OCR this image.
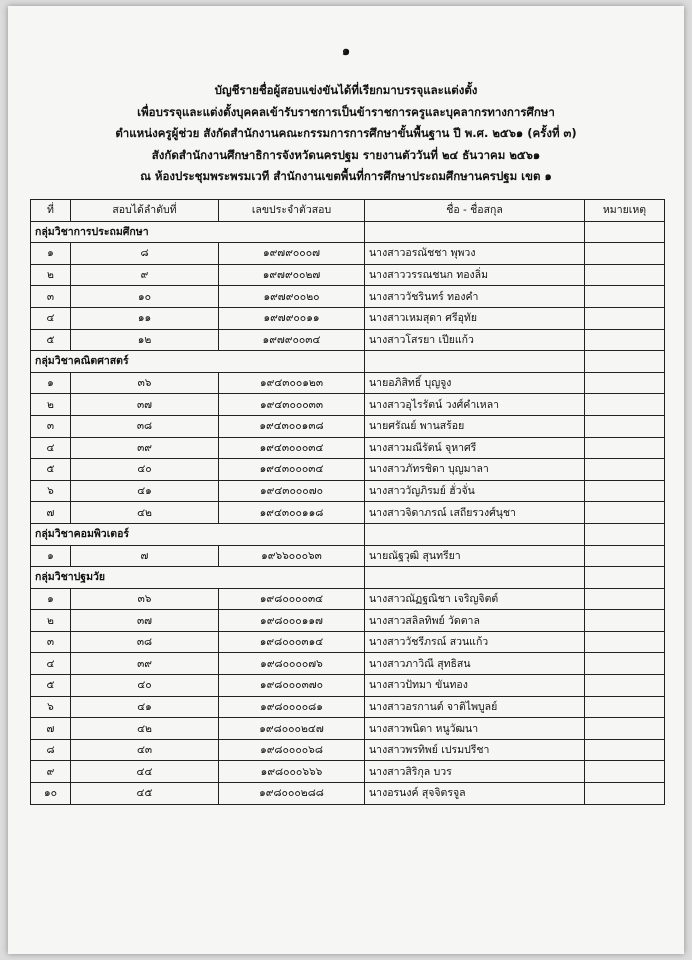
๑
บัญชีรายชื่อผู้สอบแข่งขันได้ที่เรียกมาบรรจุและแต่งตั้ง
เพื่อบรรจุและแต่งตั้งบุคคลเข้ารับราชการเป็นข้าราชการครูและบุคลากรทางการศึกษา
ตำแหน่งครูผู้ช่วย สังกัดสำนักงานคณะกรรมการการศึกษาขั้นพื้นฐาน ปี พ.ศ. ๒๕๖๑ (ครั้งที่ ๓)
สังกัดสำนักงานศึกษาธิการจังหวัดนครปฐม รายงานตัววันที่ ๒๔ ธันวาคม ๒๕๖๑
ณ ห้องประชุมพระพรมเวที สำนักงานเขตพื้นที่การศึกษาประถมศึกษานครปฐม เขต ๑
ที่	สอบได้ลำดับที่	เลขประจำตัวสอบ	ชื่อ - ชื่อสกุล	หมายเหตุ
กลุ่มวิชาการประถมศึกษา				
๑	๘	๑๙๗๙๐๐๐๗	นางสาวอรณัชชา พุพวง	
๒	๙	๑๙๗๙๐๐๒๗	นางสาววรรณชนก ทองลิ่ม	
๓	๑๐	๑๙๗๙๐๐๒๐	นางสาววัชรินทร์ ทองคำ	
๔	๑๑	๑๙๗๙๐๐๑๑	นางสาวเหมสุดา ศรีอุทัย	
๕	๑๒	๑๙๗๙๐๐๓๔	นางสาวโสรยา เปียแก้ว	
กลุ่มวิชาคณิตศาสตร์				
๑	๓๖	๑๙๔๓๐๐๑๒๓	นายอภิสิทธิ์ บุญจูง	
๒	๓๗	๑๙๔๓๐๐๐๓๓	นางสาวอุไรรัตน์ วงศ์คำเหลา	
๓	๓๘	๑๙๔๓๐๐๑๓๘	นายศรัณย์ พานสร้อย	
๔	๓๙	๑๙๔๓๐๐๐๓๔	นางสาวมณีรัตน์ จุหาศรี	
๕	๔๐	๑๙๔๓๐๐๐๓๔	นางสาวภัทรชิดา บุญมาลา	
๖	๔๑	๑๙๔๓๐๐๐๗๐	นางสาววัญภิรมย์ ฮั่วจั่น	
๗	๔๒	๑๙๔๓๐๐๑๑๘	นางสาวจิดาภรณ์ เสถียรวงศ์นุชา	
กลุ่มวิชาคอมพิวเตอร์				
๑	๗	๑๙๖๖๐๐๐๖๓	นายณัฐวุฒิ สุนทรียา	
กลุ่มวิชาปฐมวัย				
๑	๓๖	๑๙๘๐๐๐๐๓๔	นางสาวณัฏฐณิชา เจริญจิตต์	
๒	๓๗	๑๙๘๐๐๐๑๑๗	นางสาวสลิลทิพย์ วัดตาล	
๓	๓๘	๑๙๘๐๐๐๓๑๔	นางสาววัชรีภรณ์ สวนแก้ว	
๔	๓๙	๑๙๘๐๐๐๐๗๖	นางสาวภาวิณี สุทธิสน	
๕	๔๐	๑๙๘๐๐๐๓๗๐	นางสาวปัทมา ขันทอง	
๖	๔๑	๑๙๘๐๐๐๐๘๑	นางสาวอรกานต์ จาติไพบูลย์	
๗	๔๒	๑๙๘๐๐๐๒๔๗	นางสาวพนิดา หนูวัฒนา	
๘	๔๓	๑๙๘๐๐๐๐๖๘	นางสาวพรทิพย์ เปรมปรีชา	
๙	๔๔	๑๙๘๐๐๐๖๖๖	นางสาวสิริกุล บวร	
๑๐	๔๕	๑๙๘๐๐๐๒๘๘	นางอรนงค์ สุจจิตรจูล	
